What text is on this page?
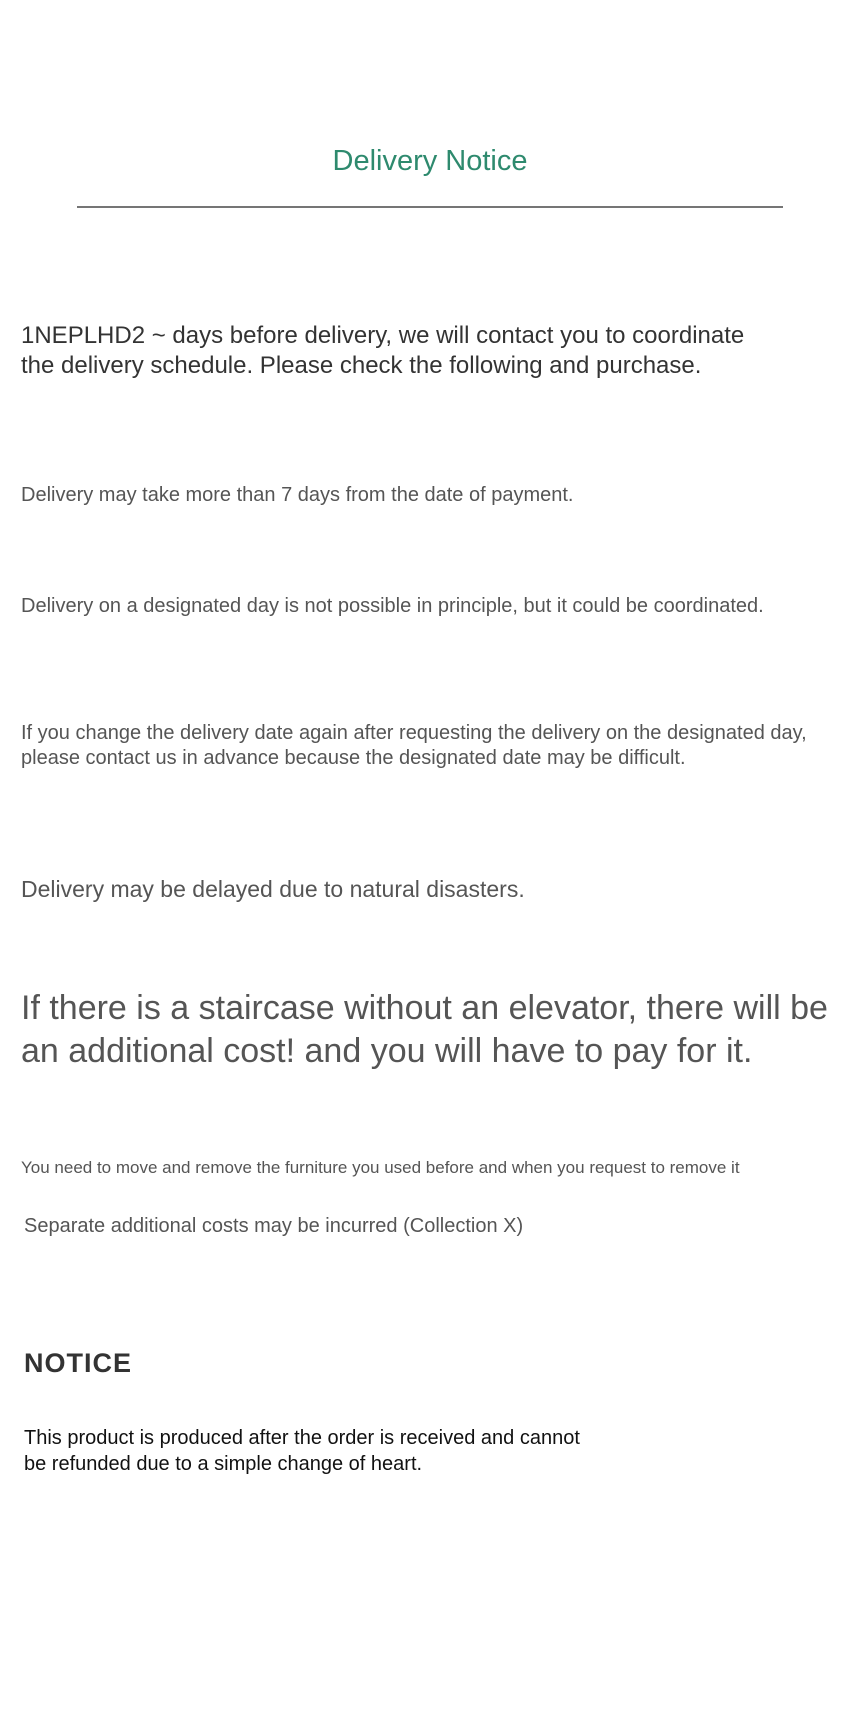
Delivery Notice
1NEPLHD2 ~ days before delivery, we will contact you to coordinate the delivery schedule. Please check the following and purchase.
Delivery may take more than 7 days from the date of payment.
Delivery on a designated day is not possible in principle, but it could be coordinated.
If you change the delivery date again after requesting the delivery on the designated day, please contact us in advance because the designated date may be difficult.
Delivery may be delayed due to natural disasters.
If there is a staircase without an elevator, there will be an additional cost! and you will have to pay for it.
You need to move and remove the furniture you used before and when you request to remove it
Separate additional costs may be incurred (Collection X)
NOTICE
This product is produced after the order is received and cannot be refunded due to a simple change of heart.
